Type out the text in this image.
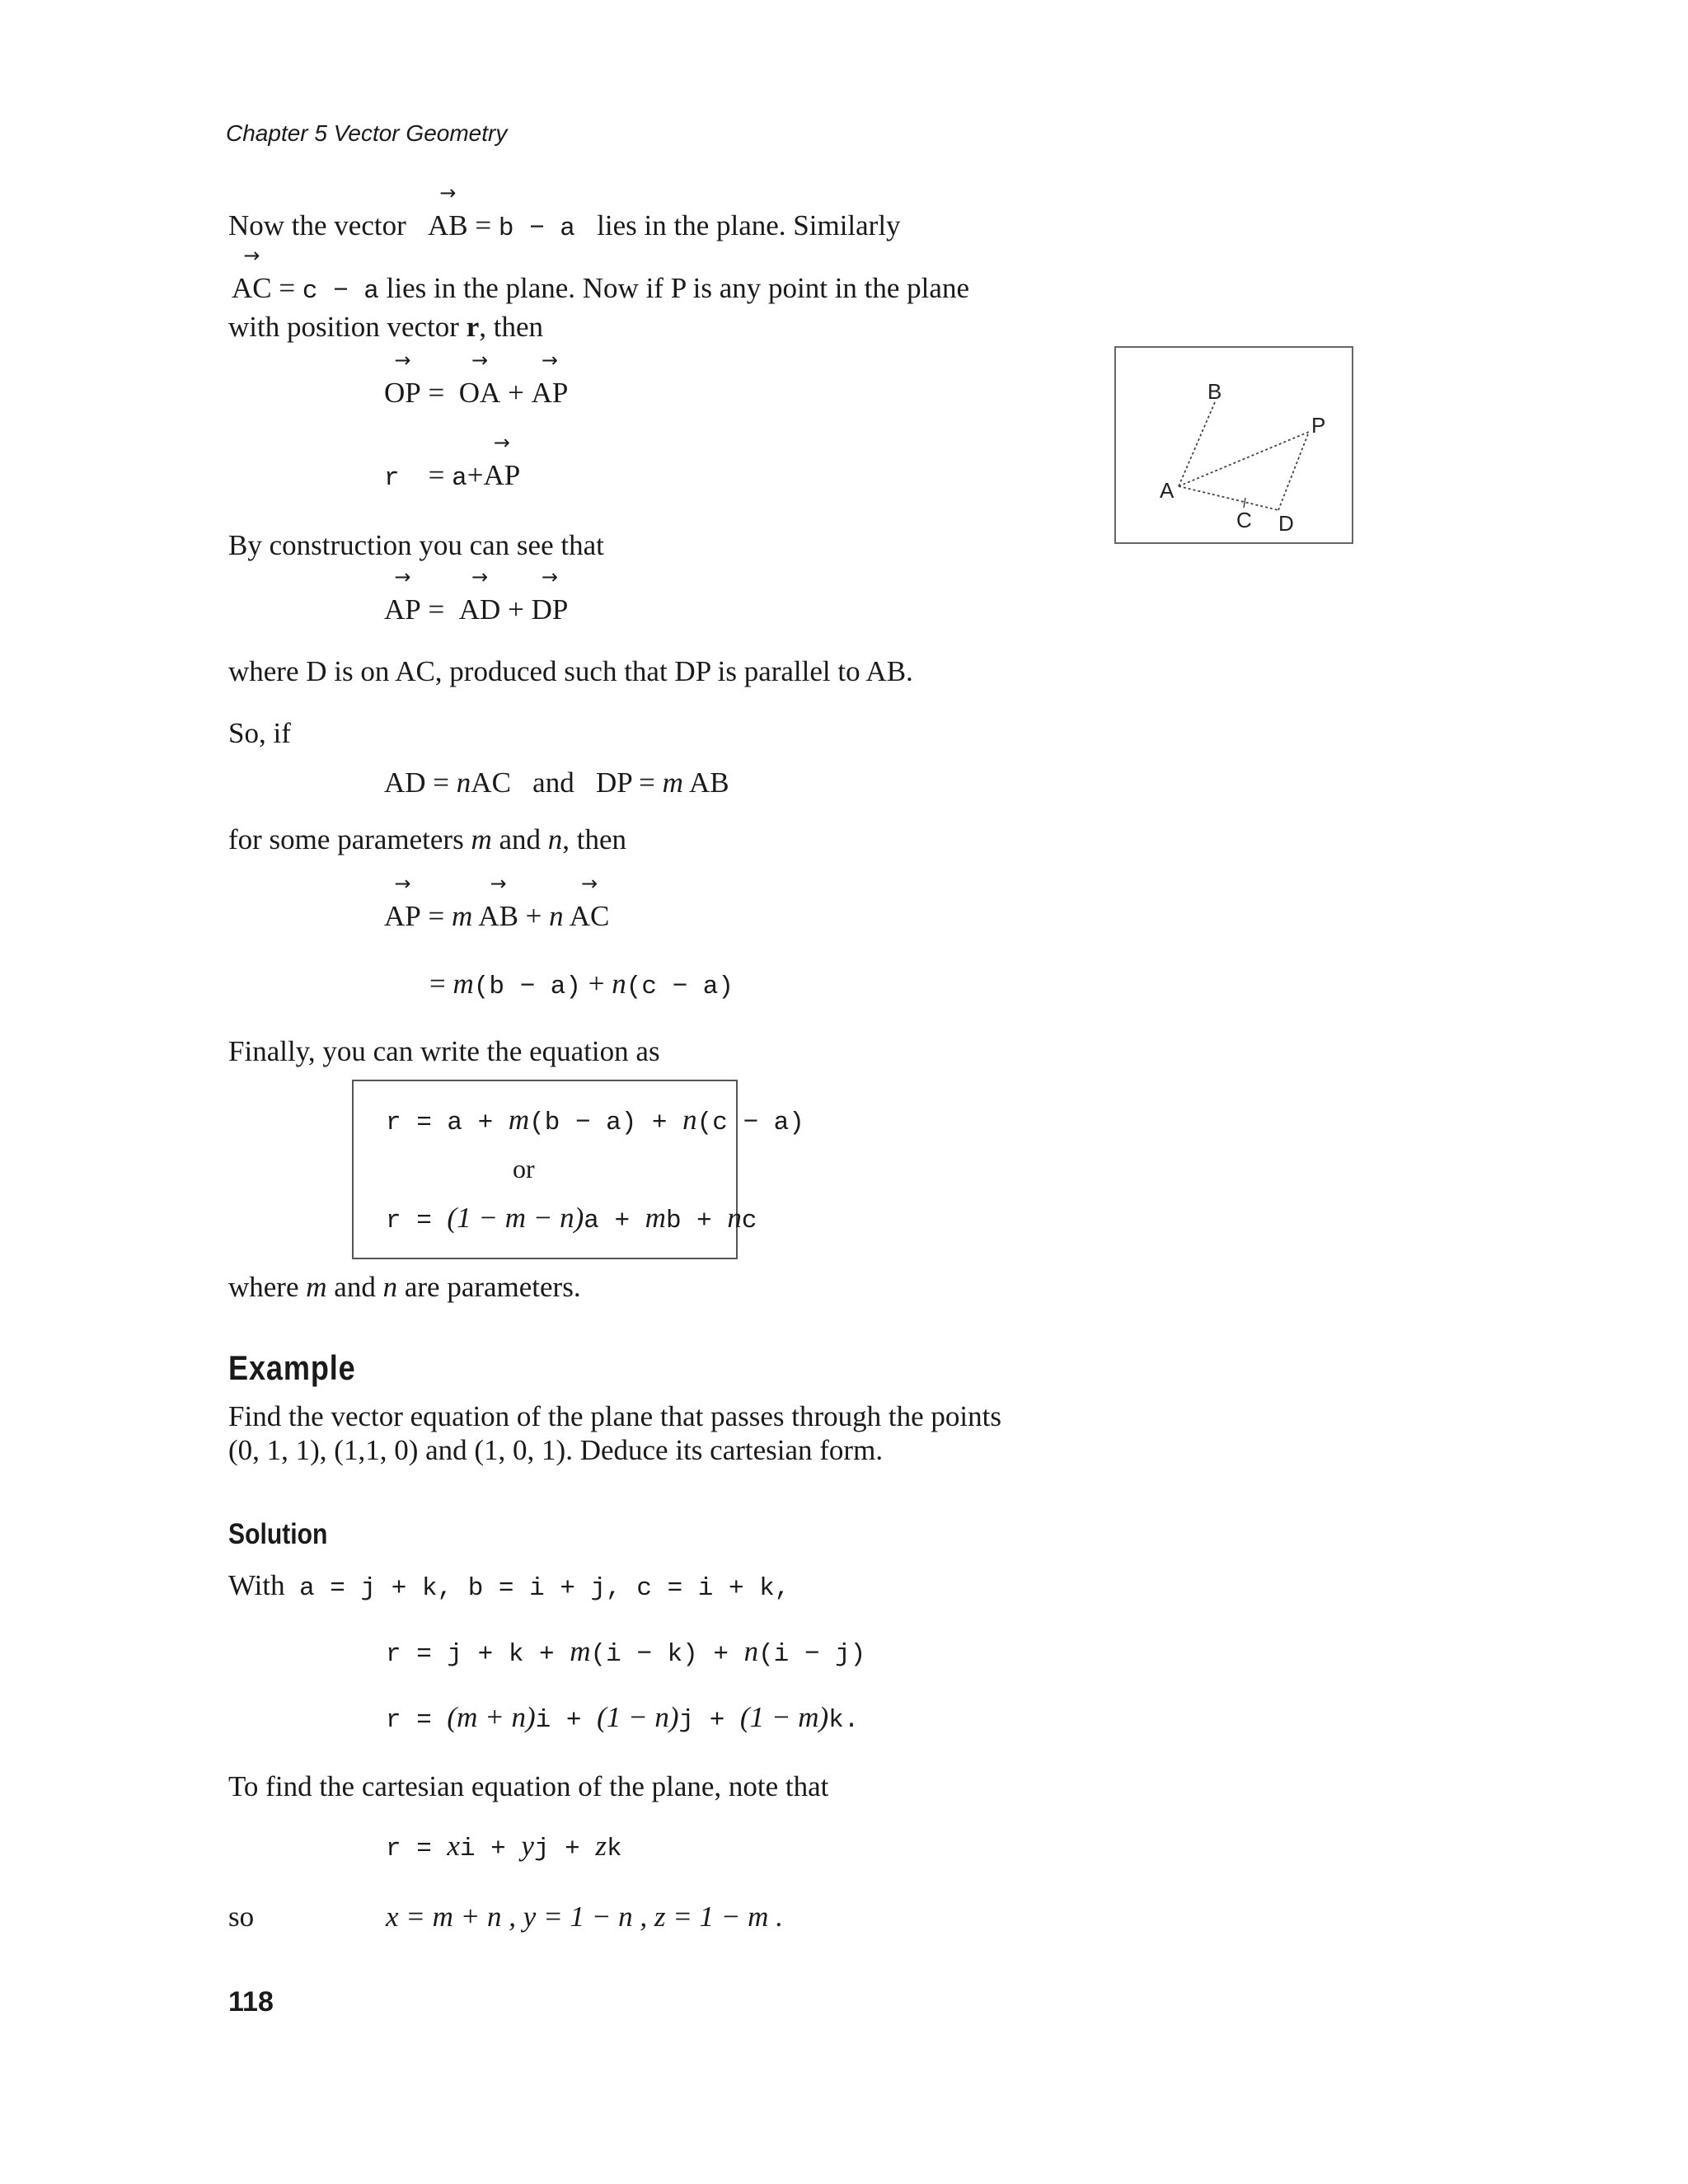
Chapter 5 Vector Geometry
Now the vector → AB = b − a lies in the plane. Similarly
→ AC = c − a lies in the plane. Now if P is any point in the plane
with position vector r, then
→ OP = → OA + → AP
r = a+→ AP
By construction you can see that
→ AP = → AD + → DP
where D is on AC, produced such that DP is parallel to AB.
So, if
AD = nAC and DP = m  AB
for some parameters m and n, then
→ AP = m  → AB + n  → AC
= m(b − a) + n(c − a)
Finally, you can write the equation as
r = a + m(b − a) + n(c − a)
or
r = (1 − m − n)a + mb + nc
where m and n are parameters.
Example
Find the vector equation of the plane that passes through the points
(0, 1, 1), (1,1, 0) and (1, 0, 1). Deduce its cartesian form.
Solution
With a = j + k, b = i + j, c = i + k,
r = j + k + m(i − k) + n(i − j)
r = (m + n)i + (1 − n)j + (1 − m)k.
To find the cartesian equation of the plane, note that
r = xi + yj + zk
so	x = m + n , y = 1 − n , z = 1 − m .
118
B
P
A
C D
